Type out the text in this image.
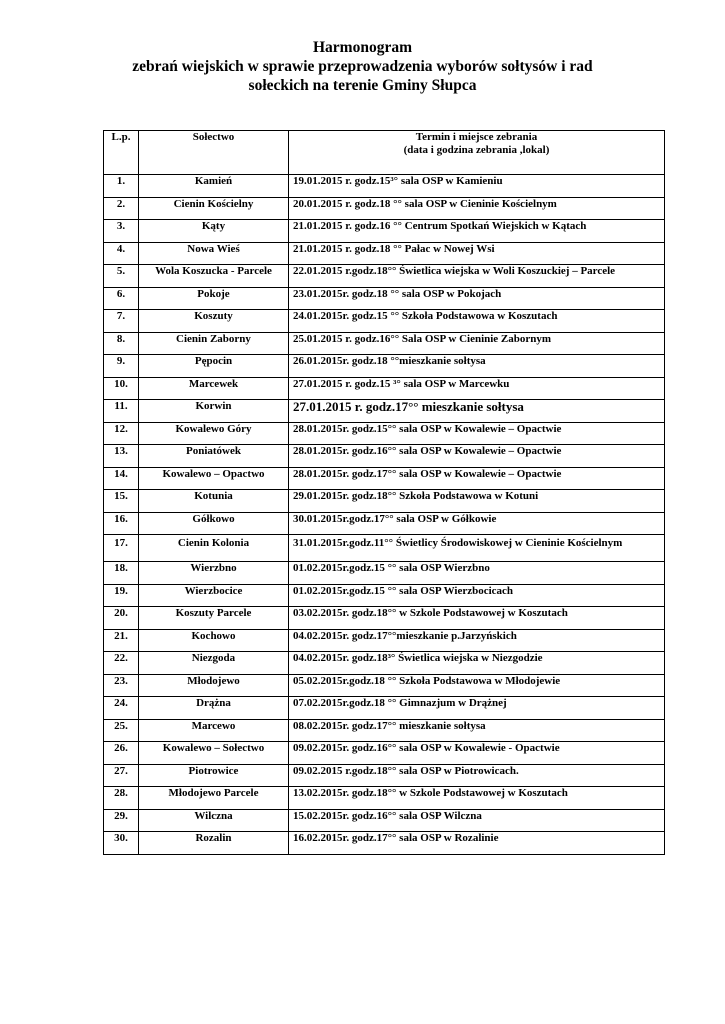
Harmonogram
zebrań wiejskich w sprawie przeprowadzenia wyborów sołtysów i rad
sołeckich na terenie Gminy Słupca
L.p.	Sołectwo	Termin i miejsce zebrania
(data i godzina zebrania ,lokal)

1.	Kamień	19.01.2015 r. godz.15³° sala OSP w Kamieniu
2.	Cienin Kościelny	20.01.2015 r. godz.18 °° sala OSP w Cieninie Kościelnym
3.	Kąty	21.01.2015 r. godz.16 °° Centrum Spotkań Wiejskich w Kątach
4.	Nowa Wieś	21.01.2015 r. godz.18 °° Pałac w Nowej Wsi
5.	Wola Koszucka - Parcele	22.01.2015 r.godz.18°° Świetlica wiejska w Woli Koszuckiej – Parcele
6.	Pokoje	23.01.2015r. godz.18 °° sala OSP w Pokojach
7.	Koszuty	24.01.2015r. godz.15 °° Szkoła Podstawowa w Koszutach
8.	Cienin Zaborny	25.01.2015 r. godz.16°° Sala OSP w Cieninie Zabornym
9.	Pępocin	26.01.2015r. godz.18 °°mieszkanie sołtysa
10.	Marcewek	27.01.2015 r. godz.15 ³° sala OSP w Marcewku
11.	Korwin	27.01.2015 r. godz.17°° mieszkanie sołtysa
12.	Kowalewo Góry	28.01.2015r. godz.15°° sala OSP w Kowalewie – Opactwie
13.	Poniatówek	28.01.2015r. godz.16°° sala OSP w Kowalewie – Opactwie
14.	Kowalewo – Opactwo	28.01.2015r. godz.17°° sala OSP w Kowalewie – Opactwie
15.	Kotunia	29.01.2015r. godz.18°° Szkoła Podstawowa w Kotuni
16.	Gółkowo	30.01.2015r.godz.17°° sala OSP w Gółkowie
17.	Cienin Kolonia	31.01.2015r.godz.11°° Świetlicy Środowiskowej w Cieninie Kościelnym
18.	Wierzbno	01.02.2015r.godz.15 °° sala OSP Wierzbno
19.	Wierzbocice	01.02.2015r.godz.15 °° sala OSP Wierzbocicach
20.	Koszuty Parcele	03.02.2015r. godz.18°° w Szkole Podstawowej w Koszutach
21.	Kochowo	04.02.2015r. godz.17°°mieszkanie p.Jarzyńskich
22.	Niezgoda	04.02.2015r. godz.18³° Świetlica wiejska w Niezgodzie
23.	Młodojewo	05.02.2015r.godz.18 °° Szkoła Podstawowa w Młodojewie
24.	Drążna	07.02.2015r.godz.18 °° Gimnazjum w Drążnej
25.	Marcewo	08.02.2015r. godz.17°° mieszkanie sołtysa
26.	Kowalewo – Sołectwo	09.02.2015r. godz.16°° sala OSP w Kowalewie - Opactwie
27.	Piotrowice	09.02.2015 r.godz.18°° sala OSP w Piotrowicach.
28.	Młodojewo Parcele	13.02.2015r. godz.18°° w Szkole Podstawowej w Koszutach
29.	Wilczna	15.02.2015r. godz.16°° sala OSP Wilczna
30.	Rozalin	16.02.2015r. godz.17°° sala OSP w Rozalinie
